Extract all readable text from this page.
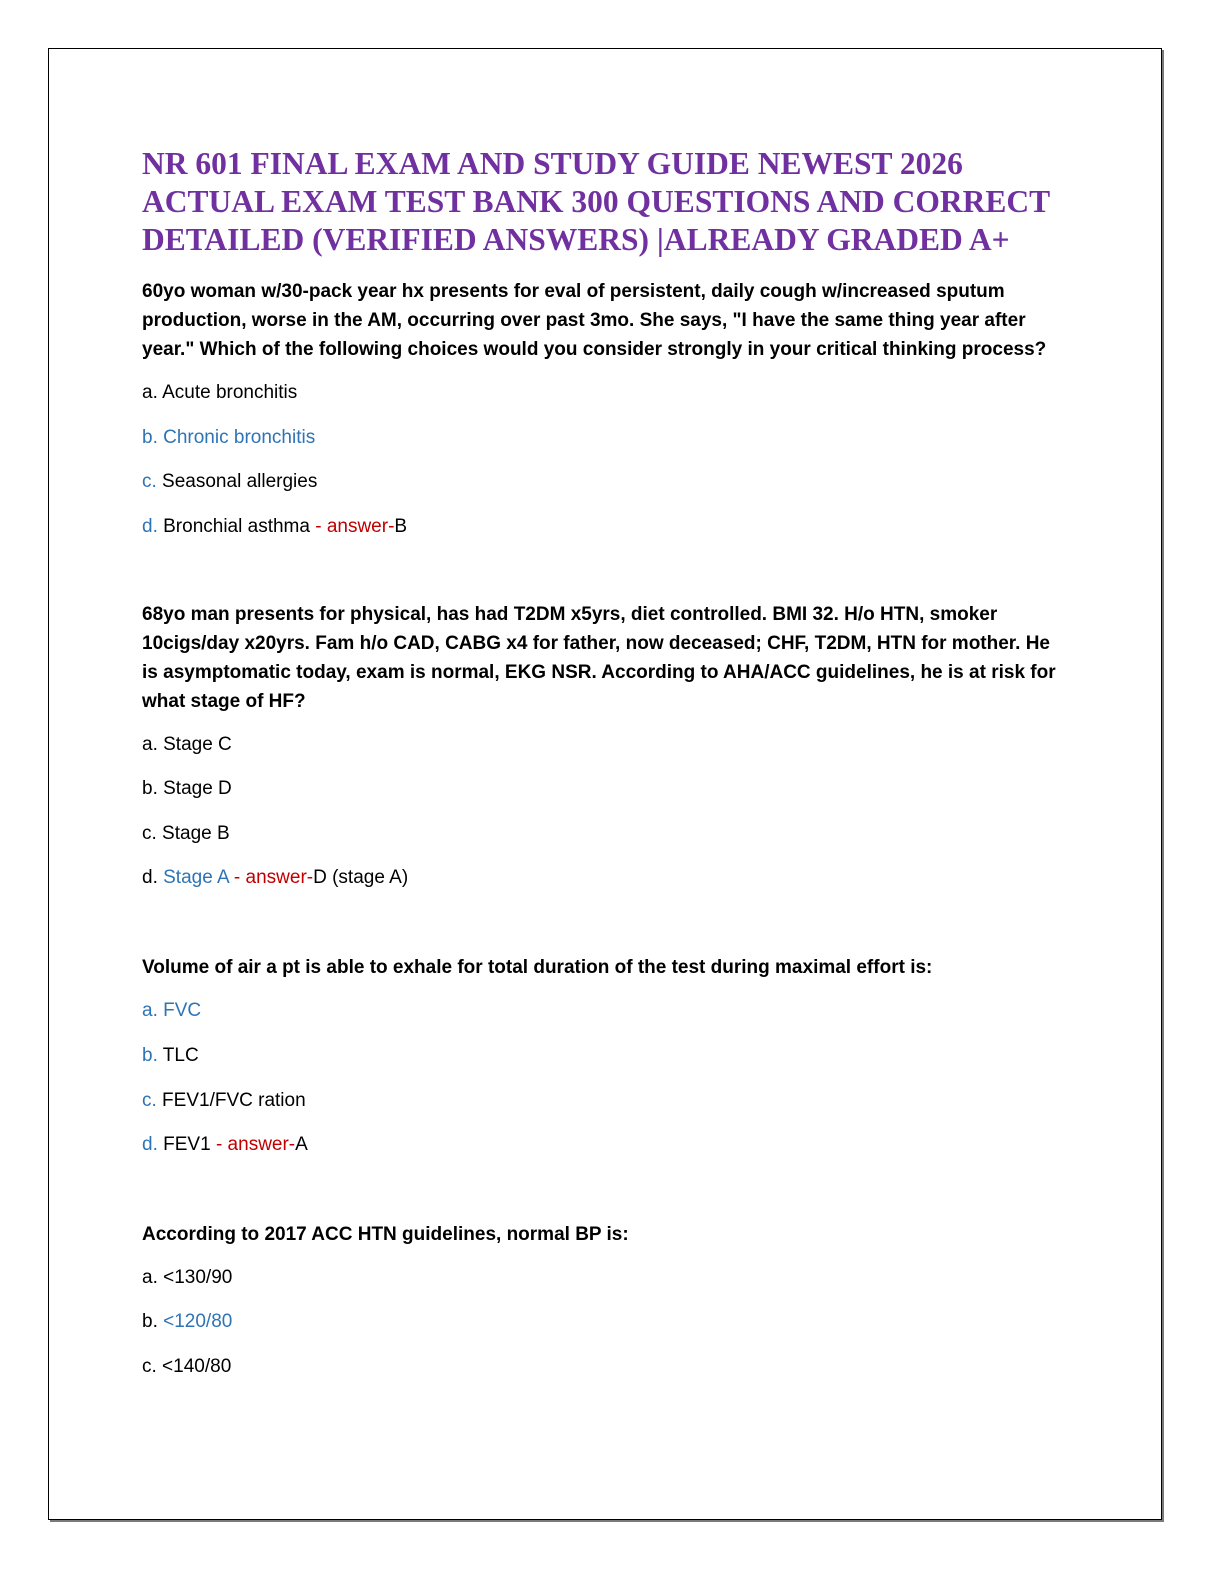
NR 601 FINAL EXAM AND STUDY GUIDE NEWEST 2026
ACTUAL EXAM TEST BANK 300 QUESTIONS AND CORRECT
DETAILED (VERIFIED ANSWERS) |ALREADY GRADED A+

60yo woman w/30-pack year hx presents for eval of persistent, daily cough w/increased sputum
production, worse in the AM, occurring over past 3mo. She says, "I have the same thing year after
year." Which of the following choices would you consider strongly in your critical thinking process?

a. Acute bronchitis

b. Chronic bronchitis

c. Seasonal allergies

d. Bronchial asthma - answer-B

68yo man presents for physical, has had T2DM x5yrs, diet controlled. BMI 32. H/o HTN, smoker
10cigs/day x20yrs. Fam h/o CAD, CABG x4 for father, now deceased; CHF, T2DM, HTN for mother. He
is asymptomatic today, exam is normal, EKG NSR. According to AHA/ACC guidelines, he is at risk for
what stage of HF?

a. Stage C

b. Stage D

c. Stage B

d. Stage A - answer-D (stage A)

Volume of air a pt is able to exhale for total duration of the test during maximal effort is:

a. FVC

b. TLC

c. FEV1/FVC ration

d. FEV1 - answer-A

According to 2017 ACC HTN guidelines, normal BP is:

a. <130/90

b. <120/80

c. <140/80
